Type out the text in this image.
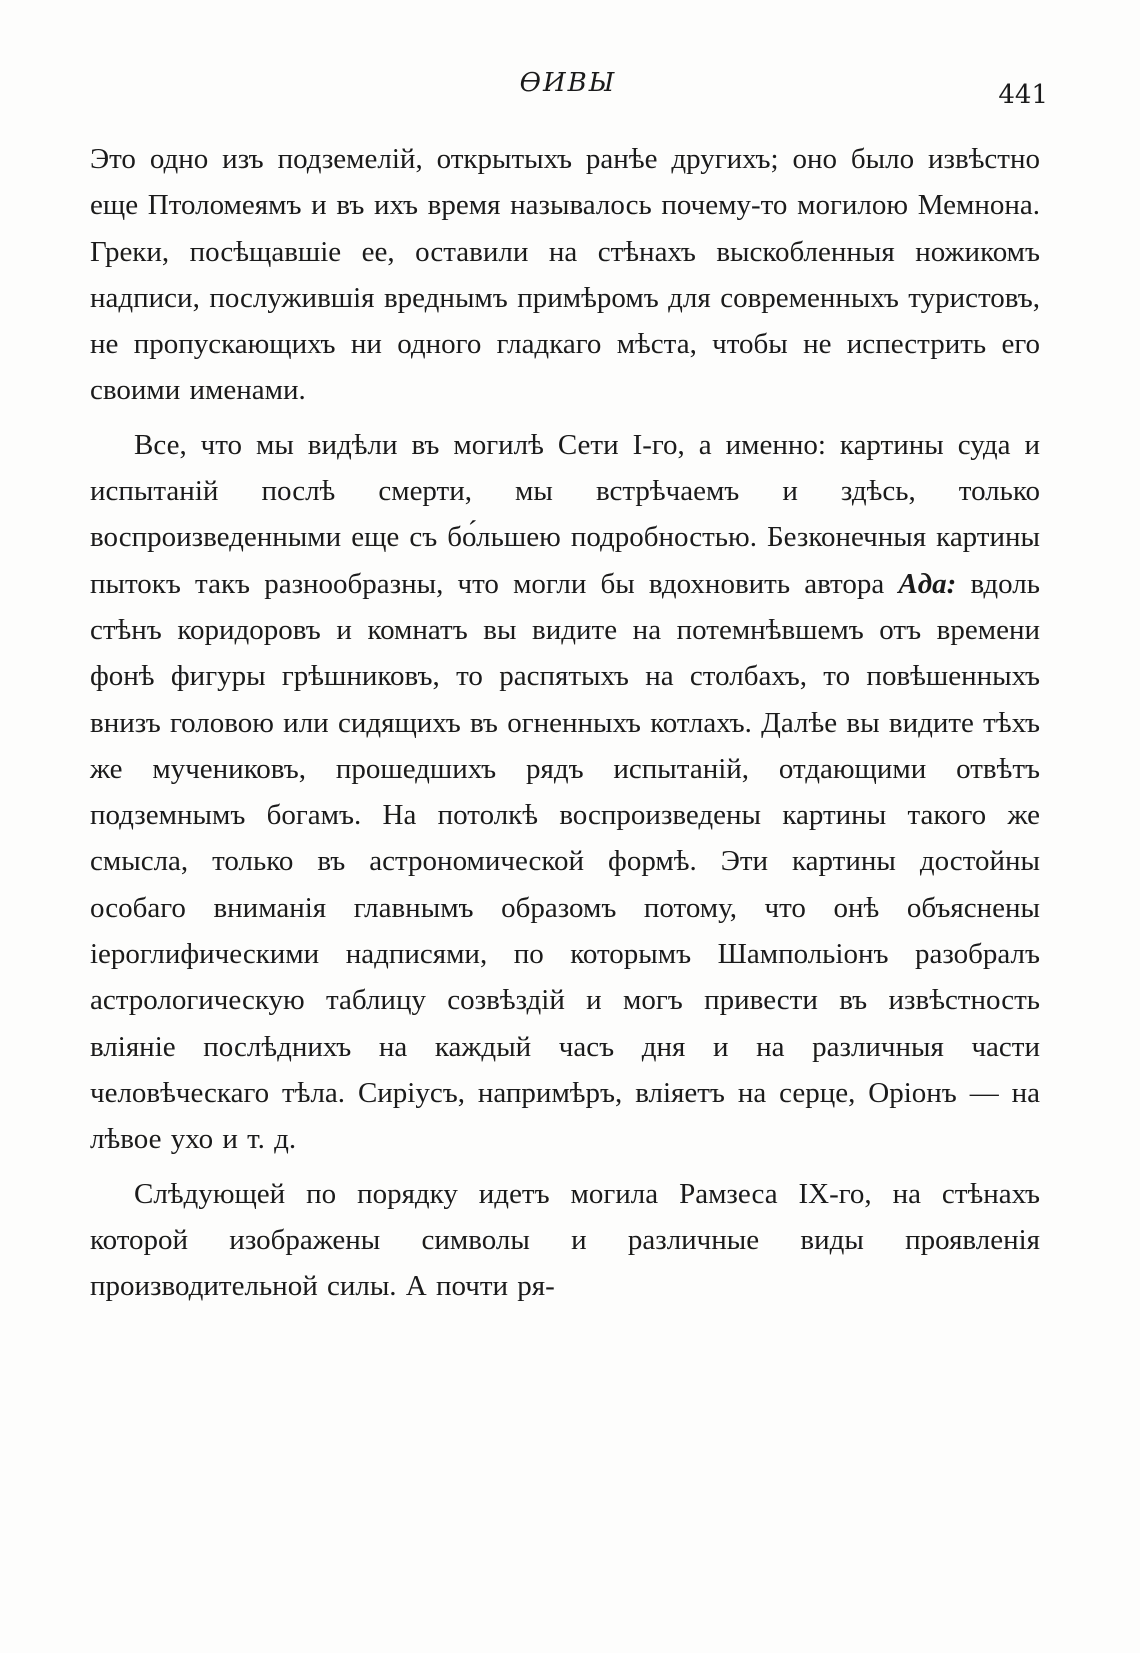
ѲИВЫ	441

Это одно изъ подземелій, открытыхъ ранѣе другихъ; оно было извѣстно еще Птоломеямъ и въ ихъ время называлось почему-то могилою Мемнона. Греки, посѣщавшіе ее, оставили на стѣнахъ выскобленныя ножикомъ надписи, послужившія вреднымъ примѣромъ для современныхъ туристовъ, не пропускающихъ ни одного гладкаго мѣста, чтобы не испестрить его своими именами.

Все, что мы видѣли въ могилѣ Сети I-го, а именно: картины суда и испытаній послѣ смерти, мы встрѣчаемъ и здѣсь, только воспроизведенными еще съ бо́льшею подробностью. Безконечныя картины пытокъ такъ разнообразны, что могли бы вдохновить автора Ада: вдоль стѣнъ коридоровъ и комнатъ вы видите на потемнѣвшемъ отъ времени фонѣ фигуры грѣшниковъ, то распятыхъ на столбахъ, то повѣшенныхъ внизъ головою или сидящихъ въ огненныхъ котлахъ. Далѣе вы видите тѣхъ же мучениковъ, прошедшихъ рядъ испытаній, отдающими отвѣтъ подземнымъ богамъ. На потолкѣ воспроизведены картины такого же смысла, только въ астрономической формѣ. Эти картины достойны особаго вниманія главнымъ образомъ потому, что онѣ объяснены іероглифическими надписями, по которымъ Шампольіонъ разобралъ астрологическую таблицу созвѣздій и могъ привести въ извѣстность вліяніе послѣднихъ на каждый часъ дня и на различныя части человѣческаго тѣла. Сиріусъ, напримѣръ, вліяетъ на серце, Оріонъ — на лѣвое ухо и т. д.

Слѣдующей по порядку идетъ могила Рамзеса IX-го, на стѣнахъ которой изображены символы и различные виды проявленія производительной силы. А почти ря-
